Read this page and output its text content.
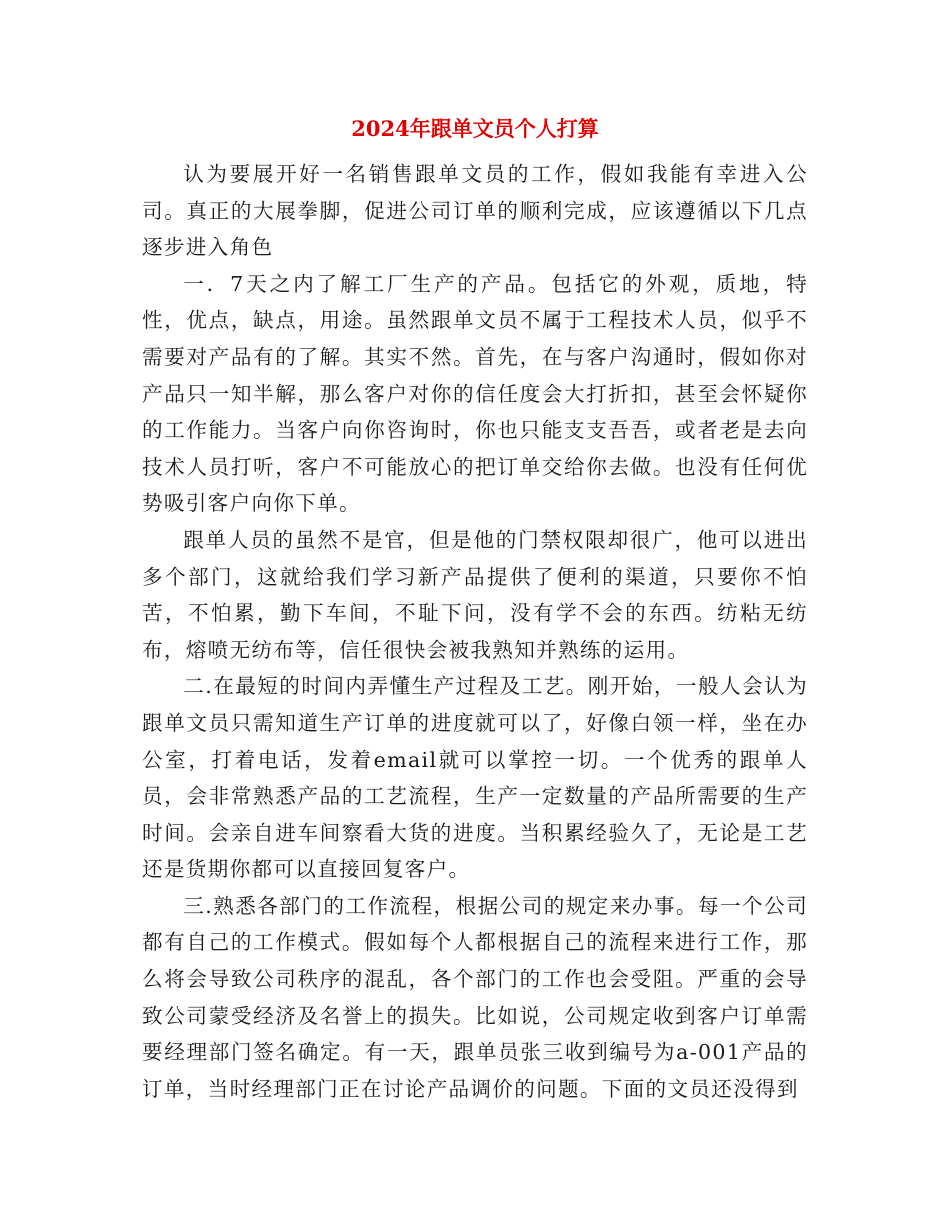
2024年跟单文员个人打算

认为要展开好一名销售跟单文员的工作，假如我能有幸进入公司。真正的大展拳脚，促进公司订单的顺利完成，应该遵循以下几点逐步进入角色

一．7天之内了解工厂生产的产品。包括它的外观，质地，特性，优点，缺点，用途。虽然跟单文员不属于工程技术人员，似乎不需要对产品有的了解。其实不然。首先，在与客户沟通时，假如你对产品只一知半解，那么客户对你的信任度会大打折扣，甚至会怀疑你的工作能力。当客户向你咨询时，你也只能支支吾吾，或者老是去向技术人员打听，客户不可能放心的把订单交给你去做。也没有任何优势吸引客户向你下单。

跟单人员的虽然不是官，但是他的门禁权限却很广，他可以进出多个部门，这就给我们学习新产品提供了便利的渠道，只要你不怕苦，不怕累，勤下车间，不耻下问，没有学不会的东西。纺粘无纺布，熔喷无纺布等，信任很快会被我熟知并熟练的运用。

二.在最短的时间内弄懂生产过程及工艺。刚开始，一般人会认为跟单文员只需知道生产订单的进度就可以了，好像白领一样，坐在办公室，打着电话，发着email就可以掌控一切。一个优秀的跟单人员，会非常熟悉产品的工艺流程，生产一定数量的产品所需要的生产时间。会亲自进车间察看大货的进度。当积累经验久了，无论是工艺还是货期你都可以直接回复客户。

三.熟悉各部门的工作流程，根据公司的规定来办事。每一个公司都有自己的工作模式。假如每个人都根据自己的流程来进行工作，那么将会导致公司秩序的混乱，各个部门的工作也会受阻。严重的会导致公司蒙受经济及名誉上的损失。比如说，公司规定收到客户订单需要经理部门签名确定。有一天，跟单员张三收到编号为a-001产品的订单，当时经理部门正在讨论产品调价的问题。下面的文员还没得到
